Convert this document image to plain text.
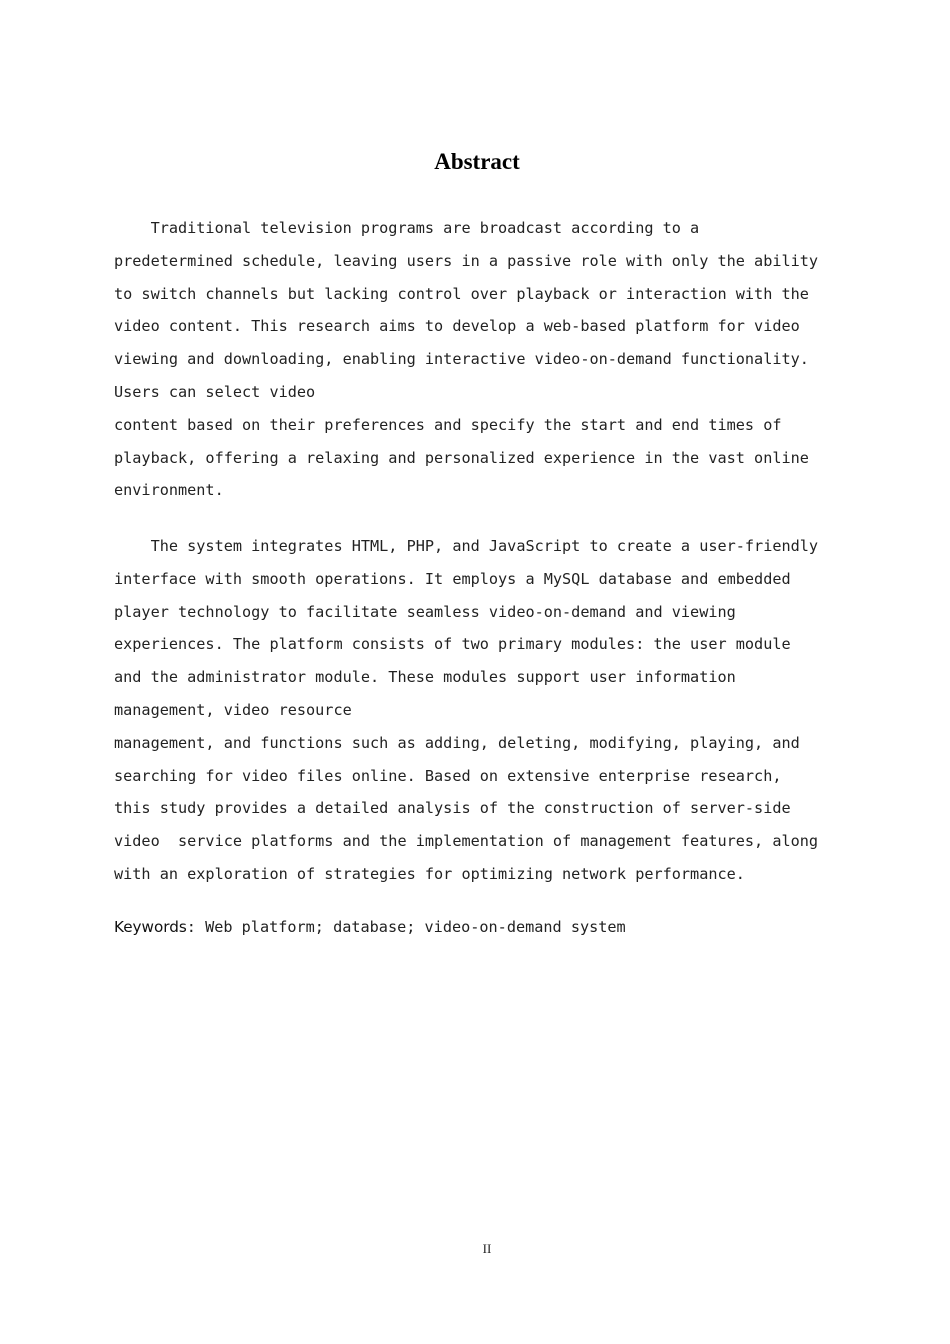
Abstract
Traditional television programs are broadcast according to a
predetermined schedule, leaving users in a passive role with only the ability
to switch channels but lacking control over playback or interaction with the
video content. This research aims to develop a web-based platform for video
viewing and downloading, enabling interactive video-on-demand functionality.
Users can select video
content based on their preferences and specify the start and end times of
playback, offering a relaxing and personalized experience in the vast online
environment.
The system integrates HTML, PHP, and JavaScript to create a user-friendly
interface with smooth operations. It employs a MySQL database and embedded
player technology to facilitate seamless video-on-demand and viewing
experiences. The platform consists of two primary modules: the user module
and the administrator module. These modules support user information
management, video resource
management, and functions such as adding, deleting, modifying, playing, and
searching for video files online. Based on extensive enterprise research,
this study provides a detailed analysis of the construction of server-side
video  service platforms and the implementation of management features, along
with an exploration of strategies for optimizing network performance.
Keywords: Web platform; database; video-on-demand system
II
